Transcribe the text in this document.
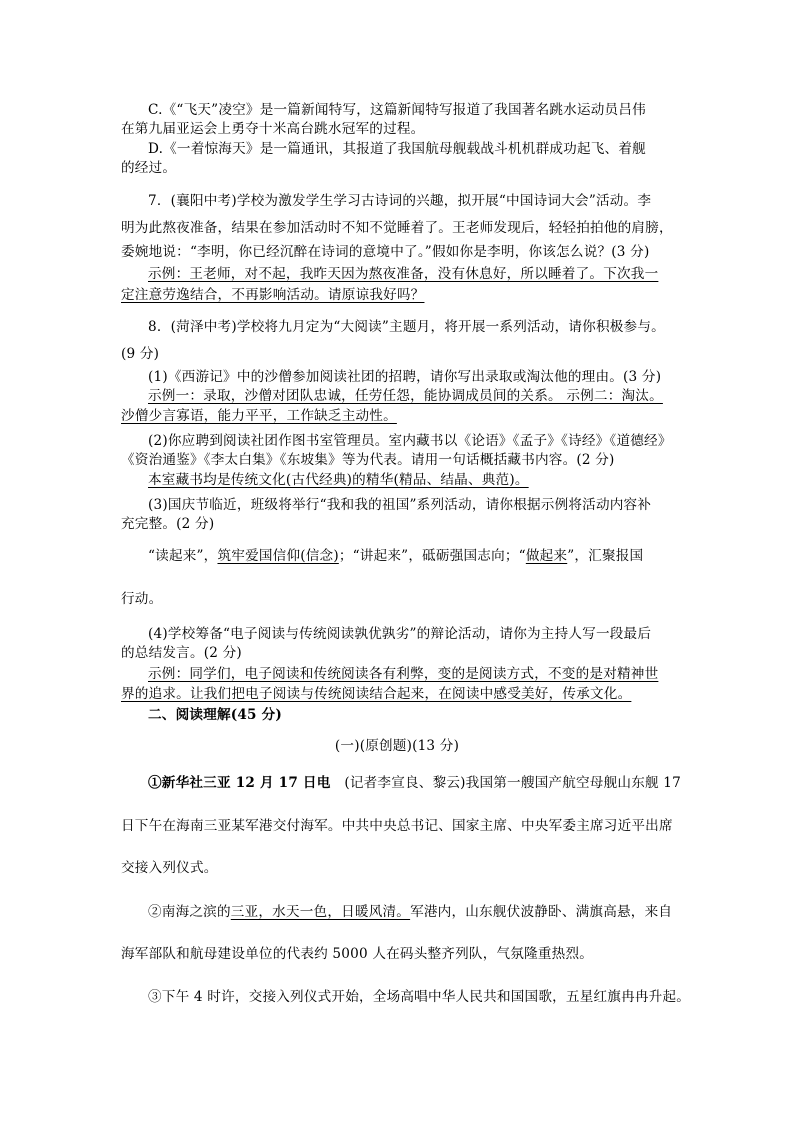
C.《“飞天”凌空》是一篇新闻特写，这篇新闻特写报道了我国著名跳水运动员吕伟
在第九届亚运会上勇夺十米高台跳水冠军的过程。
D.《一着惊海天》是一篇通讯，其报道了我国航母舰载战斗机机群成功起飞、着舰
的经过。
7．(襄阳中考)学校为激发学生学习古诗词的兴趣，拟开展“中国诗词大会”活动。李
明为此熬夜准备，结果在参加活动时不知不觉睡着了。王老师发现后，轻轻拍拍他的肩膀，
委婉地说：“李明，你已经沉醉在诗词的意境中了。”假如你是李明，你该怎么说？(3 分)
示例：王老师，对不起，我昨天因为熬夜准备，没有休息好，所以睡着了。下次我一
定注意劳逸结合，不再影响活动。请原谅我好吗？
8．(菏泽中考)学校将九月定为“大阅读”主题月，将开展一系列活动，请你积极参与。
(9 分)
(1)《西游记》中的沙僧参加阅读社团的招聘，请你写出录取或淘汰他的理由。(3 分)
示例一：录取，沙僧对团队忠诚，任劳任怨，能协调成员间的关系。 示例二：淘汰。
沙僧少言寡语，能力平平，工作缺乏主动性。
(2)你应聘到阅读社团作图书室管理员。室内藏书以《论语》《孟子》《诗经》《道德经》
《资治通鉴》《李太白集》《东坡集》等为代表。请用一句话概括藏书内容。(2 分)
本室藏书均是传统文化(古代经典)的精华(精品、结晶、典范)。
(3)国庆节临近，班级将举行“我和我的祖国”系列活动，请你根据示例将活动内容补
充完整。(2 分)
“读起来”，筑牢爱国信仰(信念)；“讲起来”，砥砺强国志向；“做起来”，汇聚报国
行动。
(4)学校筹备“电子阅读与传统阅读孰优孰劣”的辩论活动，请你为主持人写一段最后
的总结发言。(2 分)
示例：同学们，电子阅读和传统阅读各有利弊，变的是阅读方式，不变的是对精神世
界的追求。让我们把电子阅读与传统阅读结合起来，在阅读中感受美好，传承文化。
二、阅读理解(45 分)
(一)(原创题)(13 分)
①新华社三亚 12 月 17 日电　(记者李宣良、黎云)我国第一艘国产航空母舰山东舰 17
日下午在海南三亚某军港交付海军。中共中央总书记、国家主席、中央军委主席习近平出席
交接入列仪式。
②南海之滨的三亚，水天一色，日暖风清。军港内，山东舰伏波静卧、满旗高悬，来自
海军部队和航母建设单位的代表约 5000 人在码头整齐列队，气氛隆重热烈。
③下午 4 时许，交接入列仪式开始，全场高唱中华人民共和国国歌，五星红旗冉冉升起。
